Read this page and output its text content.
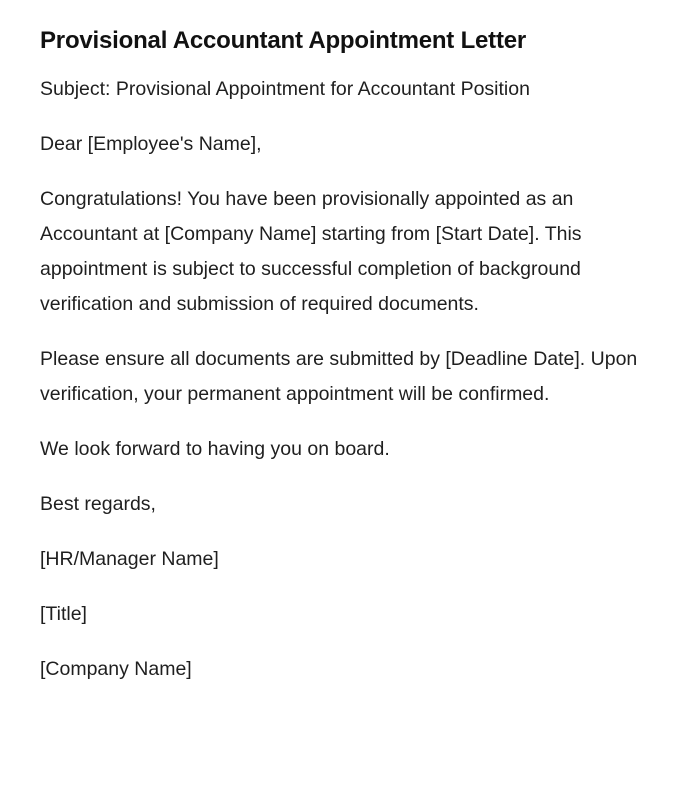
Provisional Accountant Appointment Letter

Subject: Provisional Appointment for Accountant Position

Dear [Employee's Name],

Congratulations! You have been provisionally appointed as an Accountant at [Company Name] starting from [Start Date]. This appointment is subject to successful completion of background verification and submission of required documents.

Please ensure all documents are submitted by [Deadline Date]. Upon verification, your permanent appointment will be confirmed.

We look forward to having you on board.

Best regards,

[HR/Manager Name]

[Title]

[Company Name]
